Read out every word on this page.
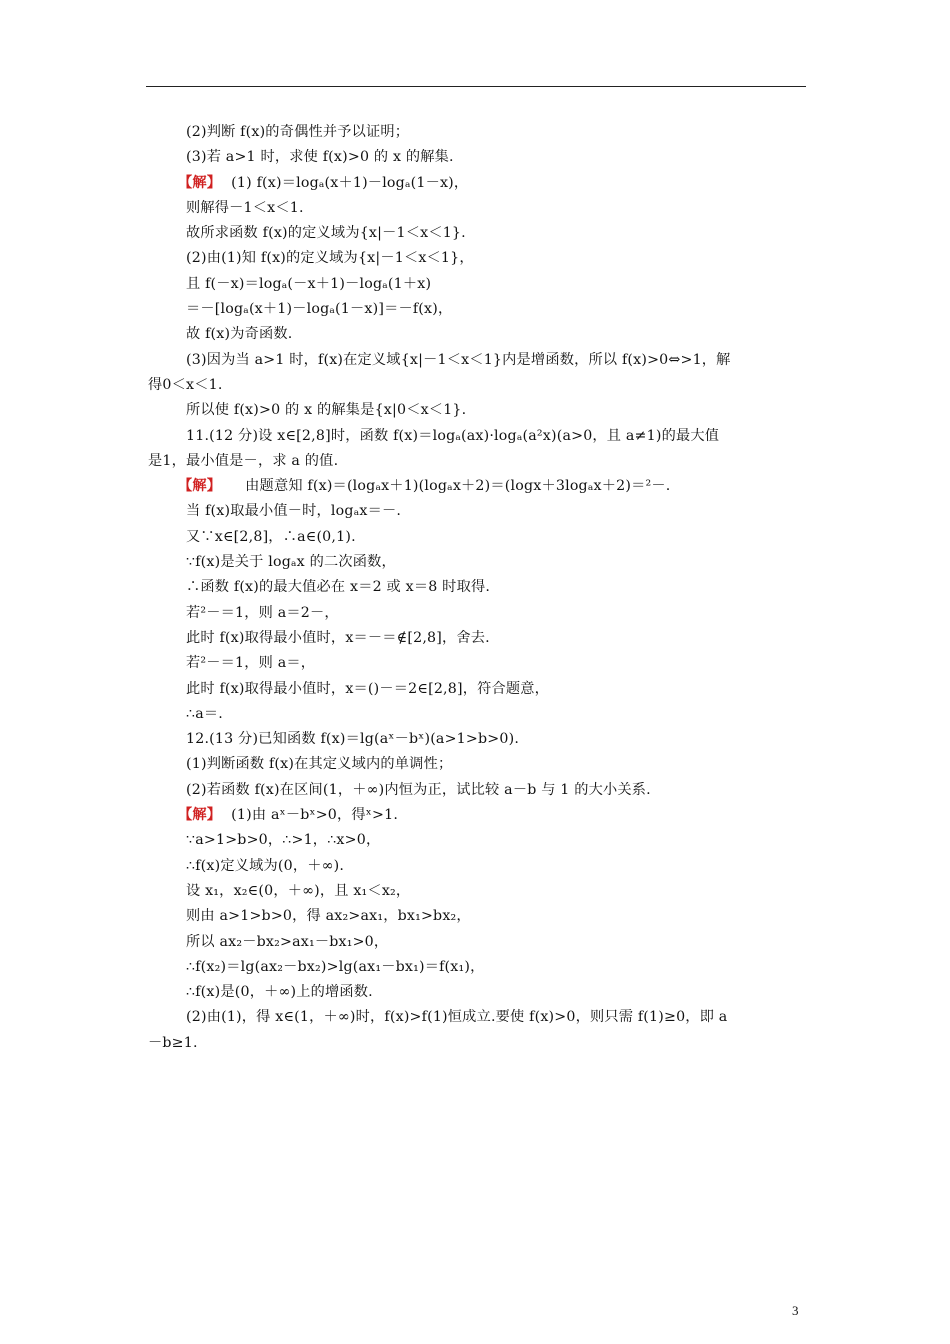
(2)判断 f(x)的奇偶性并予以证明；
(3)若 a>1 时，求使 f(x)>0 的 x 的解集.
【解】 (1) f(x)＝logₐ(x＋1)－logₐ(1－x)，
则解得－1＜x＜1.
故所求函数 f(x)的定义域为{x|－1＜x＜1}.
(2)由(1)知 f(x)的定义域为{x|－1＜x＜1}，
且 f(－x)＝logₐ(－x＋1)－logₐ(1＋x)
＝－[logₐ(x＋1)－logₐ(1－x)]＝－f(x)，
故 f(x)为奇函数.
(3)因为当 a>1 时，f(x)在定义域{x|－1＜x＜1}内是增函数，所以 f(x)>0⇔>1，解
得0＜x＜1.
所以使 f(x)>0 的 x 的解集是{x|0＜x＜1}.
11.(12 分)设 x∈[2,8]时，函数 f(x)＝logₐ(ax)·logₐ(a²x)(a>0，且 a≠1)的最大值
是1，最小值是－，求 a 的值.
【解】 由题意知 f(x)＝(logₐx＋1)(logₐx＋2)＝(logx＋3logₐx＋2)＝²－.
当 f(x)取最小值－时，logₐx＝－.
又∵x∈[2,8]，∴a∈(0,1).
∵f(x)是关于 logₐx 的二次函数，
∴函数 f(x)的最大值必在 x＝2 或 x＝8 时取得.
若²－＝1，则 a＝2－，
此时 f(x)取得最小值时，x＝－＝∉[2,8]，舍去.
若²－＝1，则 a＝，
此时 f(x)取得最小值时，x＝()－＝2∈[2,8]，符合题意，
∴a＝.
12.(13 分)已知函数 f(x)＝lg(aˣ－bˣ)(a>1>b>0).
(1)判断函数 f(x)在其定义域内的单调性；
(2)若函数 f(x)在区间(1，＋∞)内恒为正，试比较 a－b 与 1 的大小关系.
【解】 (1)由 aˣ－bˣ>0，得ˣ>1.
∵a>1>b>0，∴>1，∴x>0，
∴f(x)定义域为(0，＋∞).
设 x₁，x₂∈(0，＋∞)，且 x₁＜x₂，
则由 a>1>b>0，得 ax₂>ax₁，bx₁>bx₂，
所以 ax₂－bx₂>ax₁－bx₁>0，
∴f(x₂)＝lg(ax₂－bx₂)>lg(ax₁－bx₁)＝f(x₁)，
∴f(x)是(0，＋∞)上的增函数.
(2)由(1)，得 x∈(1，＋∞)时，f(x)>f(1)恒成立.要使 f(x)>0，则只需 f(1)≥0，即 a
－b≥1.
3
